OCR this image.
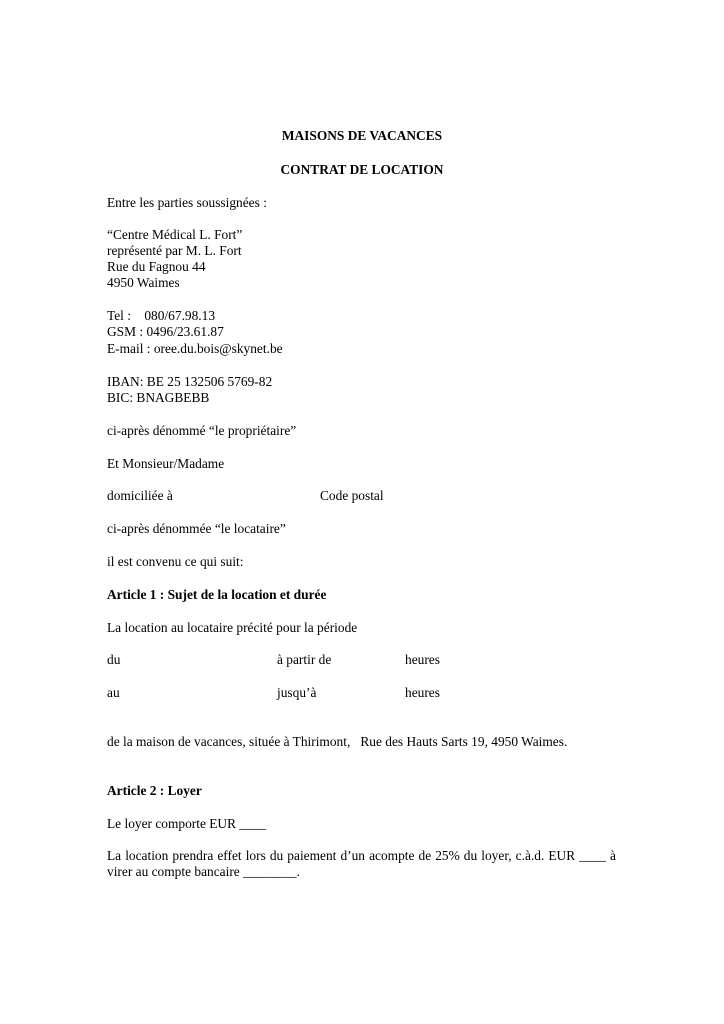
MAISONS DE VACANCES
CONTRAT DE LOCATION
Entre les parties soussignées :
“Centre Médical L. Fort”
représenté par M. L. Fort
Rue du Fagnou 44
4950 Waimes
Tel :    080/67.98.13
GSM : 0496/23.61.87
E-mail : oree.du.bois@skynet.be
IBAN: BE 25 132506 5769-82
BIC: BNAGBEBB
ci-après dénommé “le propriétaire”
Et Monsieur/Madame
domiciliée à	Code postal
ci-après dénommée “le locataire”
il est convenu ce qui suit:
Article 1 : Sujet de la location et durée
La location au locataire précité pour la période
du	à partir de	heures
au	jusqu’à	heures
de la maison de vacances, située à Thirimont,   Rue des Hauts Sarts 19, 4950 Waimes.
Article 2 : Loyer
Le loyer comporte EUR ____
La location prendra effet lors du paiement d’un acompte de 25% du loyer, c.à.d. EUR ____ à virer au compte bancaire ________.
